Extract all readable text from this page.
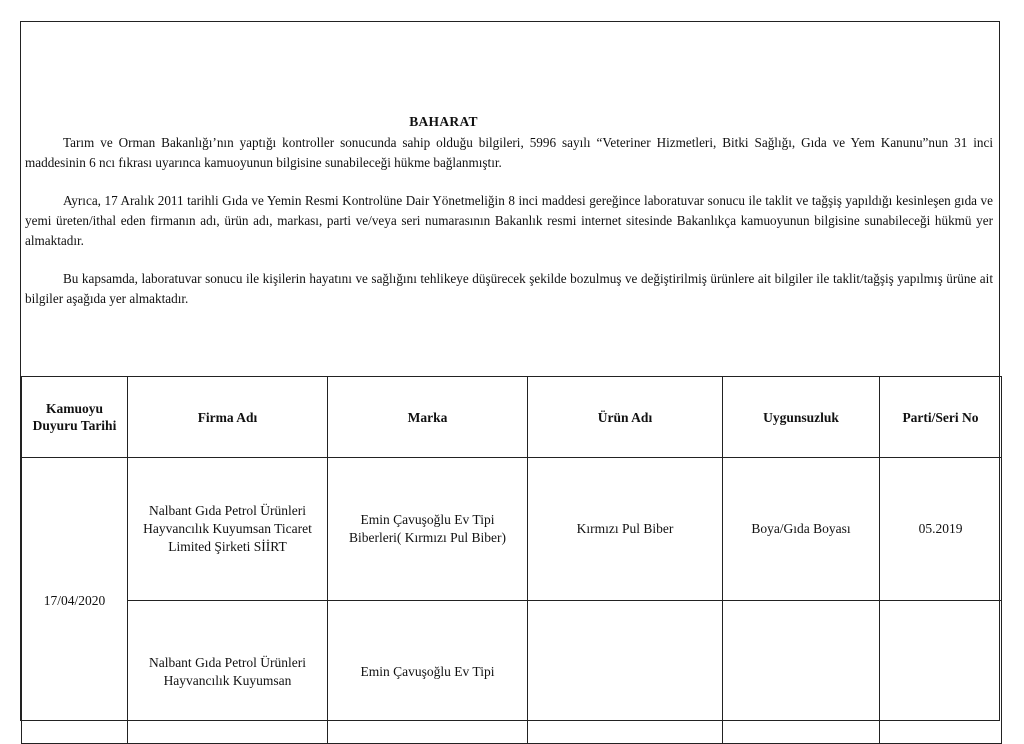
BAHARAT
Tarım ve Orman Bakanlığı’nın yaptığı kontroller sonucunda sahip olduğu bilgileri, 5996 sayılı “Veteriner Hizmetleri, Bitki Sağlığı, Gıda ve Yem Kanunu”nun 31 inci maddesinin 6 ncı fıkrası uyarınca kamuoyunun bilgisine sunabileceği hükme bağlanmıştır.
Ayrıca, 17 Aralık 2011 tarihli Gıda ve Yemin Resmi Kontrolüne Dair Yönetmeliğin 8 inci maddesi gereğince laboratuvar sonucu ile taklit ve tağşiş yapıldığı kesinleşen gıda ve yemi üreten/ithal eden firmanın adı, ürün adı, markası, parti ve/veya seri numarasının Bakanlık resmi internet sitesinde Bakanlıkça kamuoyunun bilgisine sunabileceği hükmü yer almaktadır.
Bu kapsamda, laboratuvar sonucu ile kişilerin hayatını ve sağlığını tehlikeye düşürecek şekilde bozulmuş ve değiştirilmiş ürünlere ait bilgiler ile taklit/tağşiş yapılmış ürüne ait bilgiler aşağıda yer almaktadır.
Kamuoyu Duyuru Tarihi	Firma Adı	Marka	Ürün Adı	Uygunsuzluk	Parti/Seri No
17/04/2020	Nalbant Gıda Petrol Ürünleri Hayvancılık Kuyumsan Ticaret Limited Şirketi SİİRT	Emin Çavuşoğlu Ev Tipi Biberleri( Kırmızı Pul Biber)	Kırmızı Pul Biber	Boya/Gıda Boyası	05.2019
	Nalbant Gıda Petrol Ürünleri Hayvancılık Kuyumsan	Emin Çavuşoğlu Ev Tipi			
